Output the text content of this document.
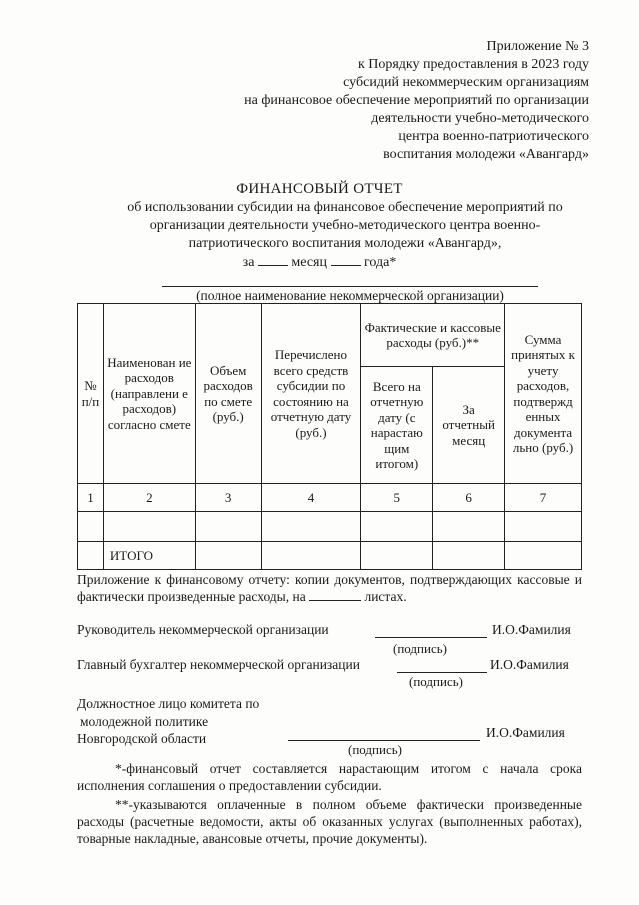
Приложение № 3
к Порядку предоставления в 2023 году
субсидий некоммерческим организациям
на финансовое обеспечение мероприятий по организации
деятельности учебно-методического
центра военно-патриотического
воспитания молодежи «Авангард»
ФИНАНСОВЫЙ ОТЧЕТ
об использовании субсидии на финансовое обеспечение мероприятий по
организации деятельности учебно-методического центра военно-
патриотического воспитания молодежи «Авангард»,
за	месяц	года*
(полное наименование некоммерческой организации)
№ п/п	Наименован ие расходов (направлени е расходов) согласно смете	Объем расходов по смете (руб.)	Перечислено всего средств субсидии по состоянию на отчетную дату (руб.)	Фактические и кассовые расходы (руб.)**		Сумма принятых к учету расходов, подтвержд енных документа льно (руб.)
				Всего на отчетную дату (с нарастаю щим итогом)	За отчетный месяц	
1	2	3	4	5	6	7

	ИТОГО					
Приложение к финансовому отчету: копии документов, подтверждающих кассовые и фактически произведенные расходы, на	листах.
Руководитель некоммерческой организации	И.О.Фамилия
(подпись)
Главный бухгалтер некоммерческой организации	И.О.Фамилия
(подпись)
Должностное лицо комитета по
молодежной политике
Новгородской области	И.О.Фамилия
(подпись)
*-финансовый отчет составляется нарастающим итогом с начала срока исполнения соглашения о предоставлении субсидии.
**-указываются оплаченные в полном объеме фактически произведенные расходы (расчетные ведомости, акты об оказанных услугах (выполненных работах), товарные накладные, авансовые отчеты, прочие документы).
